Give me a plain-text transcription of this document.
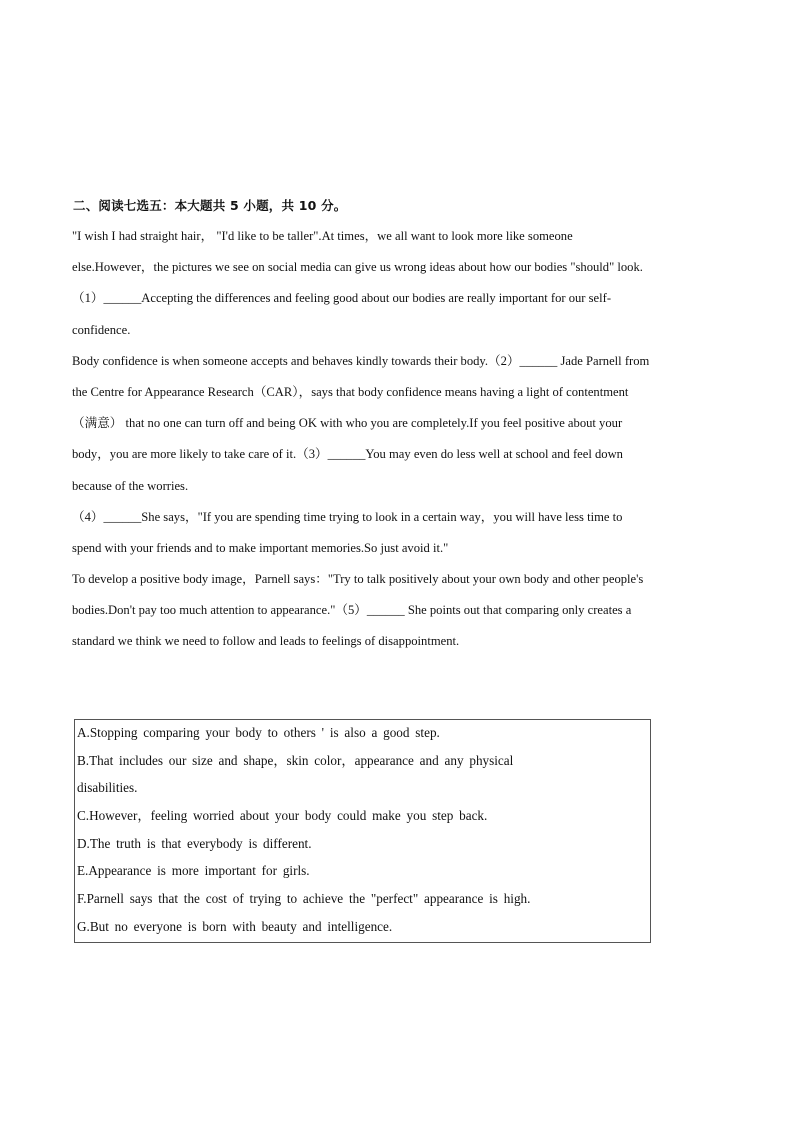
二、阅读七选五：本大题共 5 小题，共 10 分。
"I wish I had straight hair， "I'd like to be taller".At times，we all want to look more like someone
else.However，the pictures we see on social media can give us wrong ideas about how our bodies "should" look.
（1）______Accepting the differences and feeling good about our bodies are really important for our self-
confidence.
Body confidence is when someone accepts and behaves kindly towards their body.（2）______ Jade Parnell from
the Centre for Appearance Research（CAR），says that body confidence means having a light of contentment
（满意） that no one can turn off and being OK with who you are completely.If you feel positive about your
body，you are more likely to take care of it.（3）______You may even do less well at school and feel down
because of the worries.
（4）______She says，"If you are spending time trying to look in a certain way，you will have less time to
spend with your friends and to make important memories.So just avoid it."
To develop a positive body image，Parnell says："Try to talk positively about your own body and other people's
bodies.Don't pay too much attention to appearance."（5）______ She points out that comparing only creates a
standard we think we need to follow and leads to feelings of disappointment.
A.Stopping comparing your body to others ' is also a good step.
B.That includes our size and shape，skin color，appearance and any physical
disabilities.
C.However，feeling worried about your body could make you step back.
D.The truth is that everybody is different.
E.Appearance is more important for girls.
F.Parnell says that the cost of trying to achieve the "perfect" appearance is high.
G.But no everyone is born with beauty and intelligence.
